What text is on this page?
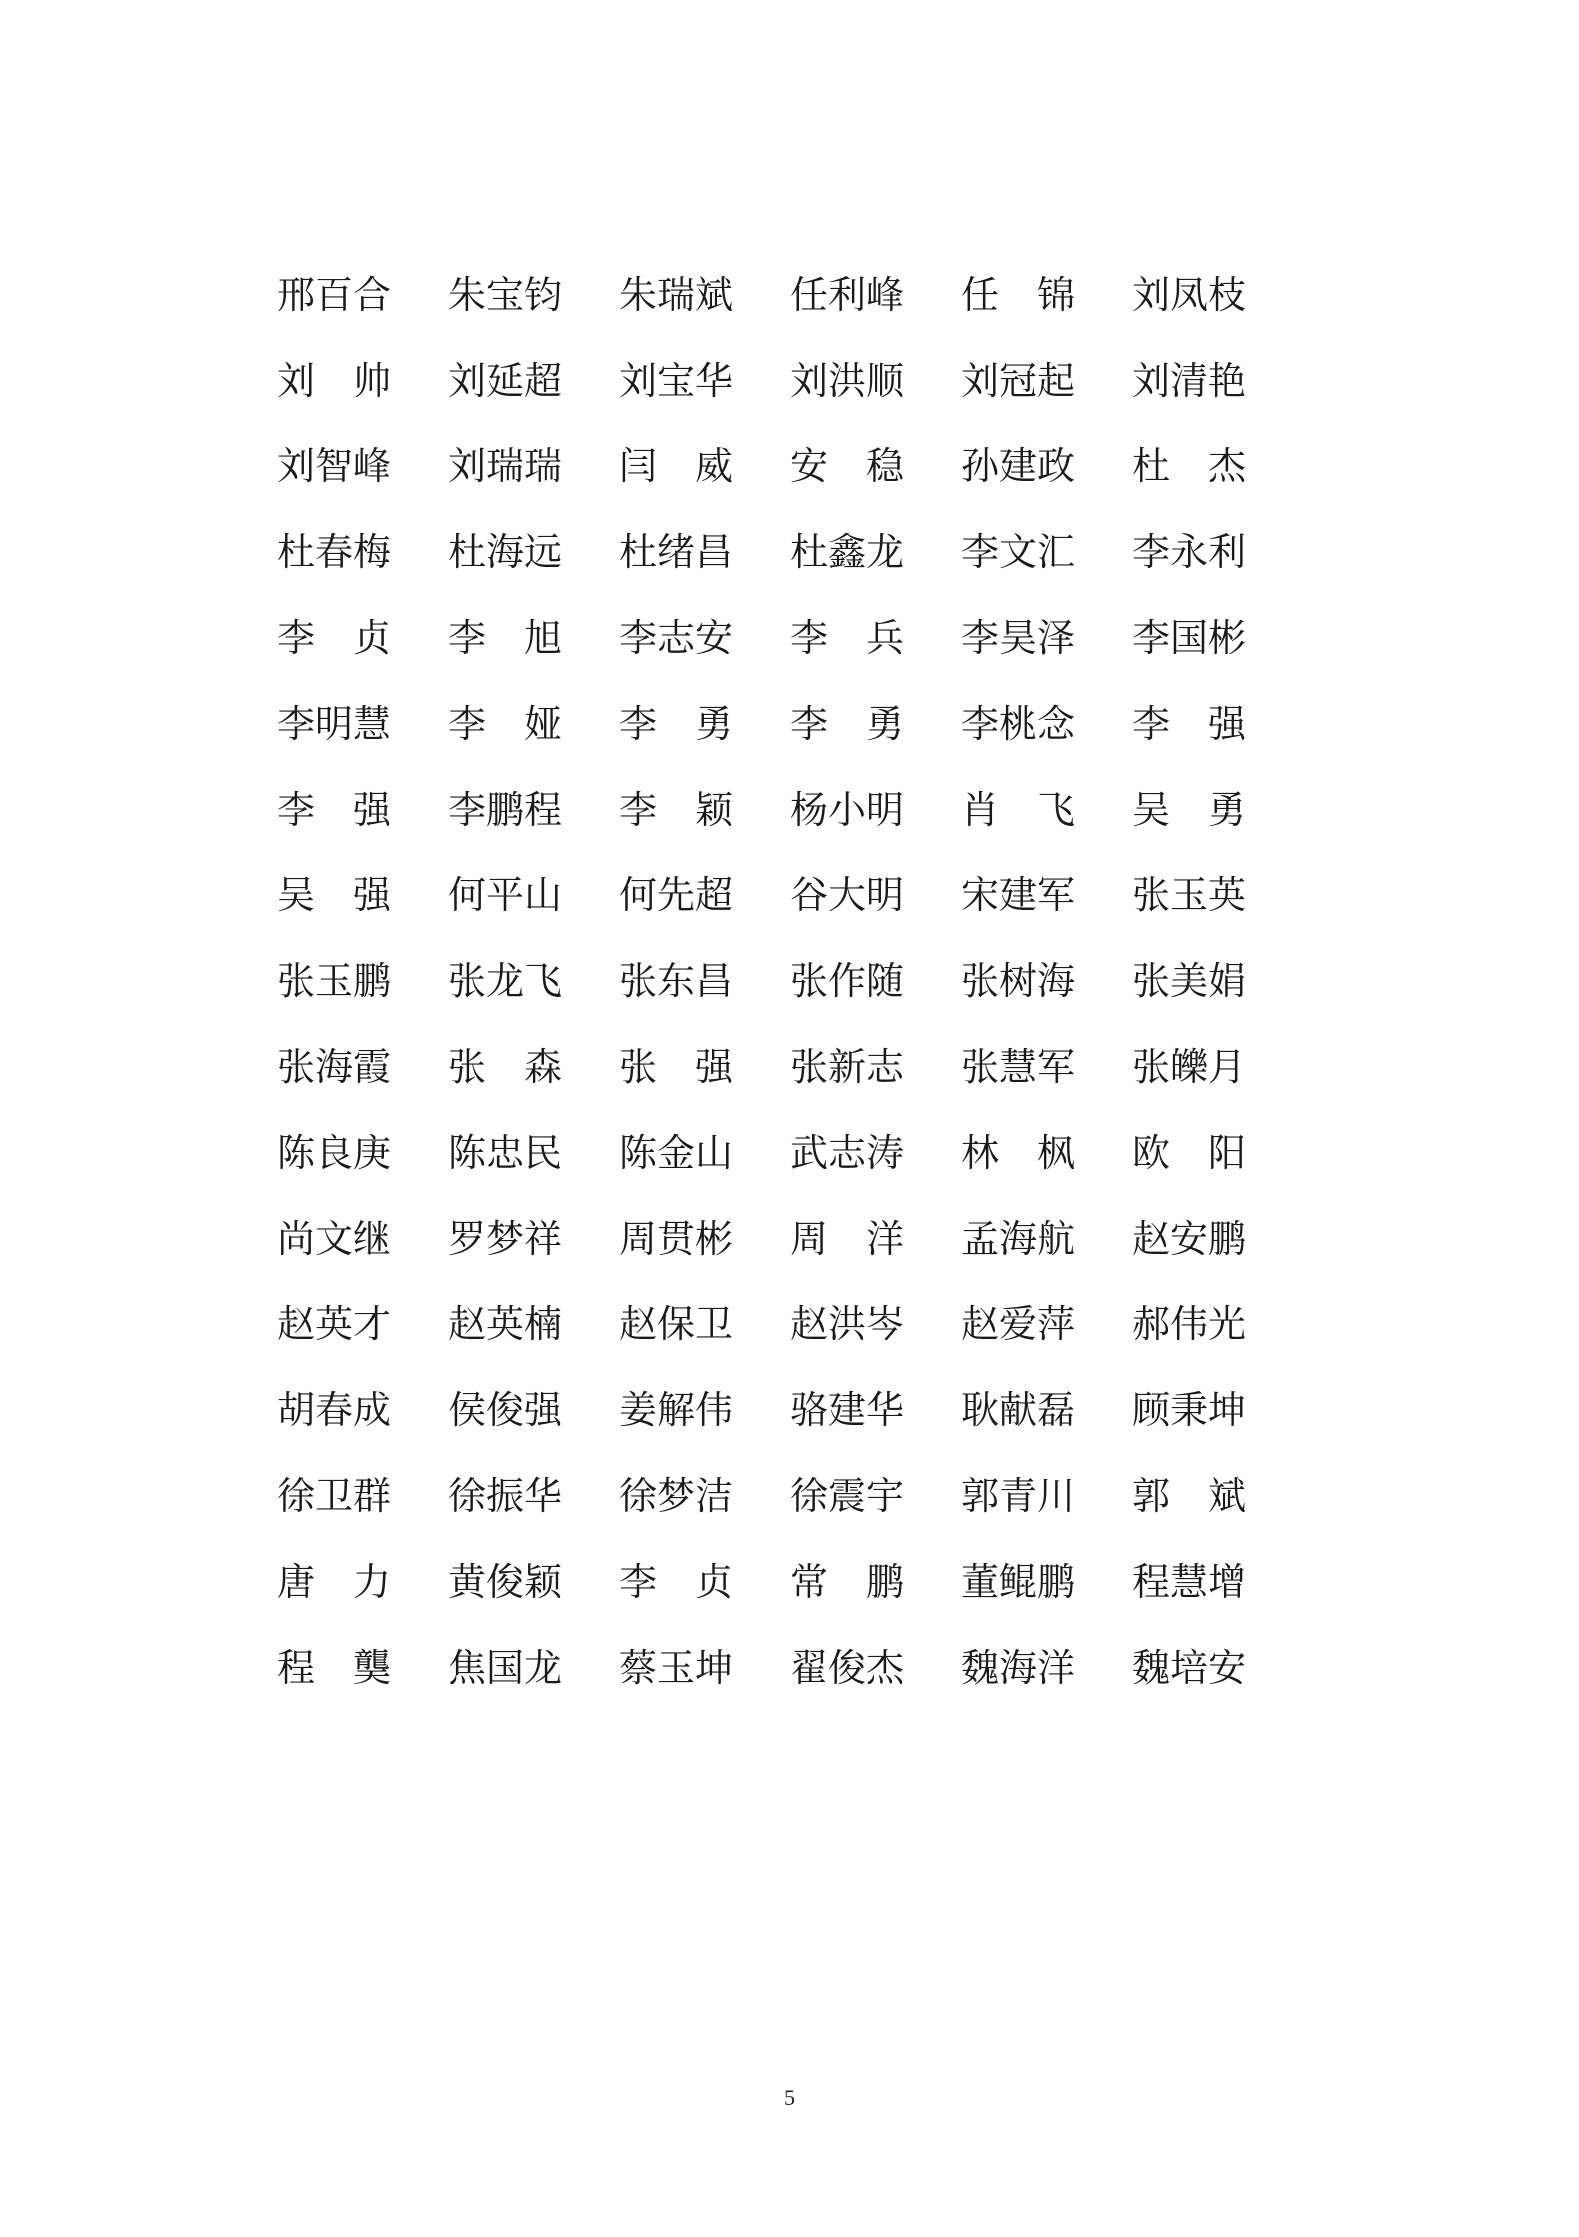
邢百合	朱宝钧	朱瑞斌	任利峰	任　锦	刘凤枝
刘　帅	刘延超	刘宝华	刘洪顺	刘冠起	刘清艳
刘智峰	刘瑞瑞	闫　威	安　稳	孙建政	杜　杰
杜春梅	杜海远	杜绪昌	杜鑫龙	李文汇	李永利
李　贞	李　旭	李志安	李　兵	李昊泽	李国彬
李明慧	李　娅	李　勇	李　勇	李桃念	李　强
李　强	李鹏程	李　颖	杨小明	肖　飞	吴　勇
吴　强	何平山	何先超	谷大明	宋建军	张玉英
张玉鹏	张龙飞	张东昌	张作随	张树海	张美娟
张海霞	张　森	张　强	张新志	张慧军	张皪月
陈良庚	陈忠民	陈金山	武志涛	林　枫	欧　阳
尚文继	罗梦祥	周贯彬	周　洋	孟海航	赵安鹏
赵英才	赵英楠	赵保卫	赵洪岑	赵爱萍	郝伟光
胡春成	侯俊强	姜解伟	骆建华	耿献磊	顾秉坤
徐卫群	徐振华	徐梦洁	徐震宇	郭青川	郭　斌
唐　力	黄俊颖	李　贞	常　鹏	董鲲鹏	程慧增
程　龑	焦国龙	蔡玉坤	翟俊杰	魏海洋	魏培安
5
